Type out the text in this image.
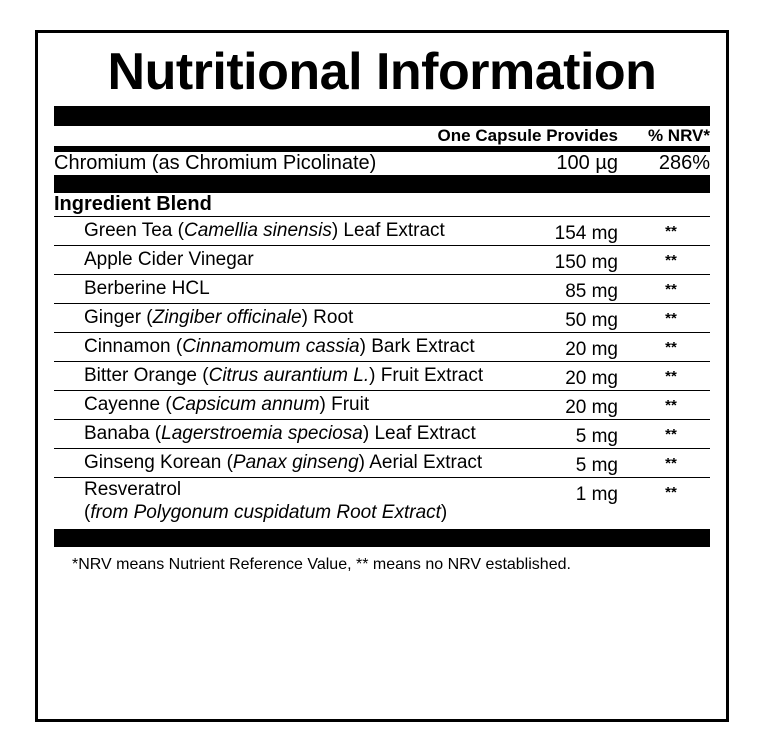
Nutritional Information
	One Capsule Provides	% NRV*
Chromium (as Chromium Picolinate)	100 µg	286%
Ingredient Blend		
Green Tea (Camellia sinensis) Leaf Extract	154 mg	**
Apple Cider Vinegar	150 mg	**
Berberine HCL	85 mg	**
Ginger (Zingiber officinale) Root	50 mg	**
Cinnamon (Cinnamomum cassia) Bark Extract	20 mg	**
Bitter Orange (Citrus aurantium L.) Fruit Extract	20 mg	**
Cayenne (Capsicum annum) Fruit	20 mg	**
Banaba (Lagerstroemia speciosa) Leaf Extract	5 mg	**
Ginseng Korean (Panax ginseng) Aerial Extract	5 mg	**
Resveratrol
(from Polygonum cuspidatum Root Extract)	1 mg	**
*NRV means Nutrient Reference Value, ** means no NRV established.
